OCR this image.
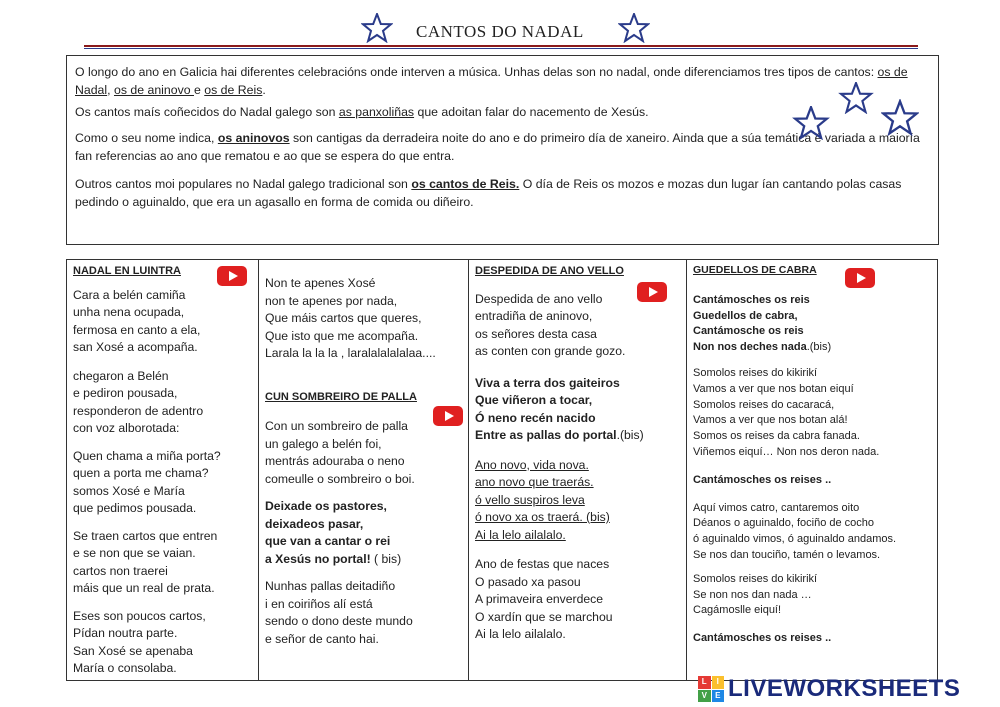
CANTOS DO NADAL

O longo do ano en Galicia hai diferentes celebracións onde interven a música. Unhas delas son no nadal, onde diferenciamos tres tipos de cantos: os de Nadal, os de aninovo e os de Reis.

Os cantos maís coñecidos do Nadal galego son as panxoliñas que adoitan falar do nacemento de Xesús.

Como o seu nome indica, os aninovos son cantigas da derradeira noite do ano e do primeiro día de xaneiro. Ainda que a súa temática é variada a maioría fan referencias ao ano que rematou e ao que se espera do que entra.

Outros cantos moi populares no Nadal galego tradicional son os cantos de Reis. O día de Reis os mozos e mozas dun lugar ían cantando polas casas pedindo o aguinaldo, que era un agasallo en forma de comida ou diñeiro.

NADAL EN LUINTRA
Cara a belén camiña
unha nena ocupada,
fermosa en canto a ela,
san Xosé a acompaña.
chegaron a Belén
e pediron pousada,
responderon de adentro
con voz alborotada:
Quen chama a miña porta?
quen a porta me chama?
somos Xosé e María
que pedimos pousada.
Se traen cartos que entren
e se non que se vaian.
cartos non traerei
máis que un real de prata.
Eses son poucos cartos,
Pídan noutra parte.
San Xosé se apenaba
María o consolaba.
Non te apenes Xosé
non te apenes por nada,
Que máis cartos que queres,
Que isto que me acompaña.
Larala la la la , laralalalalalaa....
CUN SOMBREIRO DE PALLA
Con un sombreiro de palla
un galego a belén foi,
mentrás adouraba o neno
comeulle o sombreiro o boi.
Deixade os pastores,
deixadeos pasar,
que van a cantar o rei
a Xesús no portal! ( bis)
Nunhas pallas deitadiño
i en coiriños alí está
sendo o dono deste mundo
e señor de canto hai.
DESPEDIDA DE ANO VELLO
Despedida de ano vello
entradiña de aninovo,
os señores desta casa
as conten con grande gozo.
Viva a terra dos gaiteiros
Que viñeron a tocar,
Ó neno recén nacido
Entre as pallas do portal.(bis)
Ano novo, vida nova.
ano novo que traerás.
ó vello suspiros leva
ó novo xa os traerá. (bis)
Ai la lelo ailalalo.
Ano de festas que naces
O pasado xa pasou
A primaveira enverdece
O xardín que se marchou
Ai la lelo ailalalo.
GUEDELLOS DE CABRA
Cantámosches os reis
Guedellos de cabra,
Cantámosche os reis
Non nos deches nada.(bis)
Somolos reises do kikirikí
Vamos a ver que nos botan eiquí
Somolos reises do cacaracá,
Vamos a ver que nos botan alá!
Somos os reises da cabra fanada.
Viñemos eiquí… Non nos deron nada.
Cantámosches os reises ..
Aquí vimos catro, cantaremos oito
Déanos o aguinaldo, fociño de cocho
ó aguinaldo vimos, ó aguinaldo andamos.
Se nos dan touciño, tamén o levamos.
Somolos reises do kikirikí
Se non nos dan nada …
Cagámoslle eiquí!
Cantámosches os reises ..
L	I
V	E LIVEWORKSHEETS
